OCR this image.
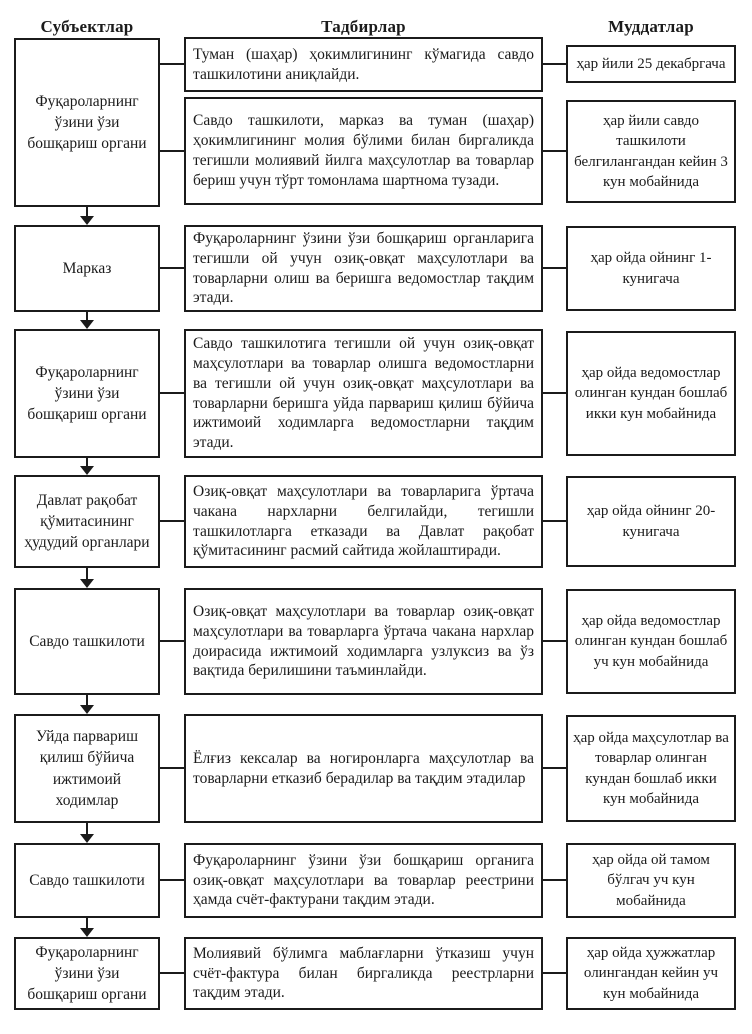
Субъектлар	Тадбирлар	Муддатлар
Фуқароларнинг ўзини ўзи бошқариш органи
Марказ
Фуқароларнинг ўзини ўзи бошқариш органи
Давлат рақобат қўмитасининг ҳудудий органлари
Савдо ташкилоти
Уйда парвариш қилиш бўйича ижтимоий ходимлар
Савдо ташкилоти
Фуқароларнинг ўзини ўзи бошқариш органи
Туман (шаҳар) ҳокимлигининг кўмагида савдо ташкилотини аниқлайди.
Савдо ташкилоти, марказ ва туман (шаҳар) ҳокимлигининг молия бўлими билан биргаликда тегишли молиявий йилга маҳсулотлар ва товарлар бериш учун тўрт томонлама шартнома тузади.
Фуқароларнинг ўзини ўзи бошқариш органларига тегишли ой учун озиқ-овқат маҳсулотлари ва товарларни олиш ва беришга ведомостлар тақдим этади.
Савдо ташкилотига тегишли ой учун озиқ-овқат маҳсулотлари ва товарлар олишга ведомостларни ва тегишли ой учун озиқ-овқат маҳсулотлари ва товарларни беришга уйда парвариш қилиш бўйича ижтимоий ходимларга ведомостларни тақдим этади.
Озиқ-овқат маҳсулотлари ва товарларига ўртача чакана нархларни белгилайди, тегишли ташкилотларга етказади ва Давлат рақобат қўмитасининг расмий сайтида жойлаштиради.
Озиқ-овқат маҳсулотлари ва товарлар озиқ-овқат маҳсулотлари ва товарларга ўртача чакана нархлар доирасида ижтимоий ходимларга узлуксиз ва ўз вақтида берилишини таъминлайди.
Ёлғиз кексалар ва ногиронларга маҳсулотлар ва товарларни етказиб берадилар ва тақдим этадилар
Фуқароларнинг ўзини ўзи бошқариш органига озиқ-овқат маҳсулотлари ва товарлар реестрини ҳамда счёт-фактурани тақдим этади.
Молиявий бўлимга маблағларни ўтказиш учун счёт-фактура билан биргаликда реестрларни тақдим этади.
ҳар йили 25 декабргача
ҳар йили савдо ташкилоти белгилангандан кейин 3 кун мобайнида
ҳар ойда ойнинг 1-кунигача
ҳар ойда ведомостлар олинган кундан бошлаб икки кун мобайнида
ҳар ойда ойнинг 20-кунигача
ҳар ойда ведомостлар олинган кундан бошлаб уч кун мобайнида
ҳар ойда маҳсулотлар ва товарлар олинган кундан бошлаб икки кун мобайнида
ҳар ойда ой тамом бўлгач уч кун мобайнида
ҳар ойда ҳужжатлар олингандан кейин уч кун мобайнида
